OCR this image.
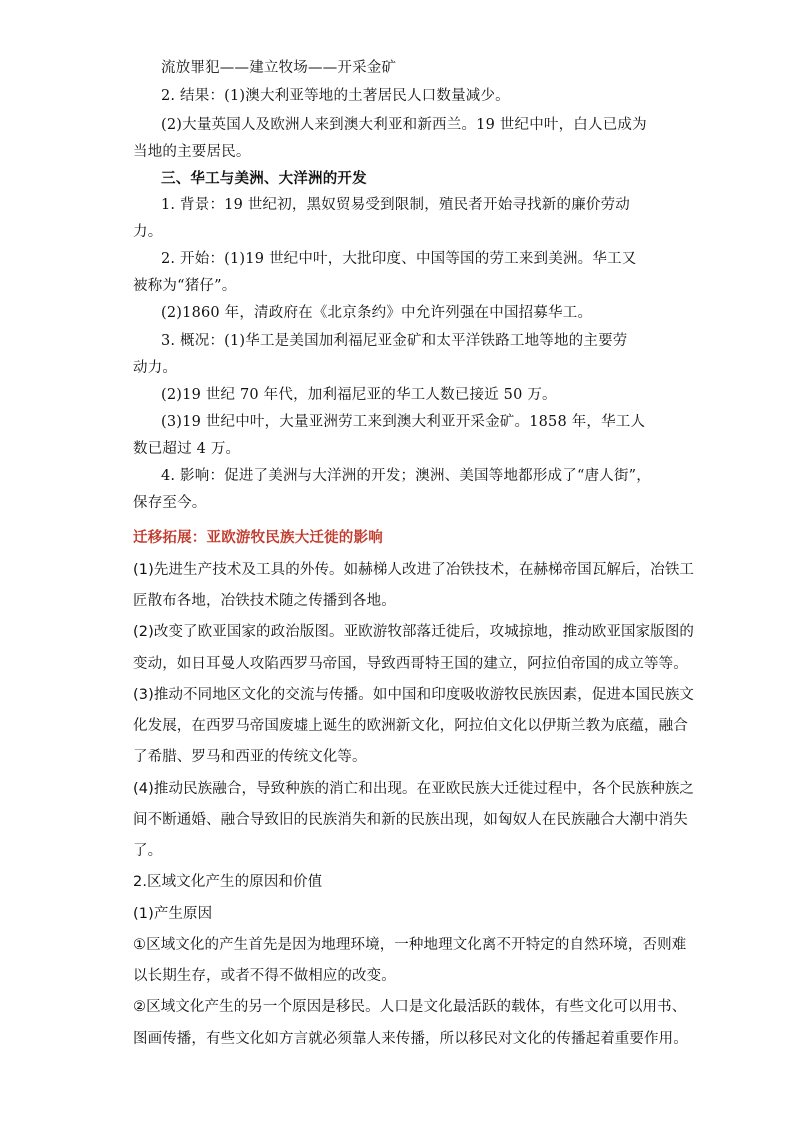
流放罪犯——建立牧场——开采金矿
2. 结果：(1)澳大利亚等地的土著居民人口数量减少。
(2)大量英国人及欧洲人来到澳大利亚和新西兰。19 世纪中叶，白人已成为
当地的主要居民。
三、华工与美洲、大洋洲的开发
1. 背景：19 世纪初，黑奴贸易受到限制，殖民者开始寻找新的廉价劳动
力。
2. 开始：(1)19 世纪中叶，大批印度、中国等国的劳工来到美洲。华工又
被称为“猪仔”。
(2)1860 年，清政府在《北京条约》中允许列强在中国招募华工。
3. 概况：(1)华工是美国加利福尼亚金矿和太平洋铁路工地等地的主要劳
动力。
(2)19 世纪 70 年代，加利福尼亚的华工人数已接近 50 万。
(3)19 世纪中叶，大量亚洲劳工来到澳大利亚开采金矿。1858 年，华工人
数已超过 4 万。
4. 影响：促进了美洲与大洋洲的开发；澳洲、美国等地都形成了“唐人街”，
保存至今。
迁移拓展：亚欧游牧民族大迁徙的影响
(1)先进生产技术及工具的外传。如赫梯人改进了冶铁技术，在赫梯帝国瓦解后，冶铁工
匠散布各地，冶铁技术随之传播到各地。
(2)改变了欧亚国家的政治版图。亚欧游牧部落迁徙后，攻城掠地，推动欧亚国家版图的
变动，如日耳曼人攻陷西罗马帝国，导致西哥特王国的建立，阿拉伯帝国的成立等等。
(3)推动不同地区文化的交流与传播。如中国和印度吸收游牧民族因素，促进本国民族文
化发展，在西罗马帝国废墟上诞生的欧洲新文化，阿拉伯文化以伊斯兰教为底蕴，融合
了希腊、罗马和西亚的传统文化等。
(4)推动民族融合，导致种族的消亡和出现。在亚欧民族大迁徙过程中，各个民族种族之
间不断通婚、融合导致旧的民族消失和新的民族出现，如匈奴人在民族融合大潮中消失
了。
2.区域文化产生的原因和价值
(1)产生原因
①区域文化的产生首先是因为地理环境，一种地理文化离不开特定的自然环境，否则难
以长期生存，或者不得不做相应的改变。
②区域文化产生的另一个原因是移民。人口是文化最活跃的载体，有些文化可以用书、
图画传播，有些文化如方言就必须靠人来传播，所以移民对文化的传播起着重要作用。
